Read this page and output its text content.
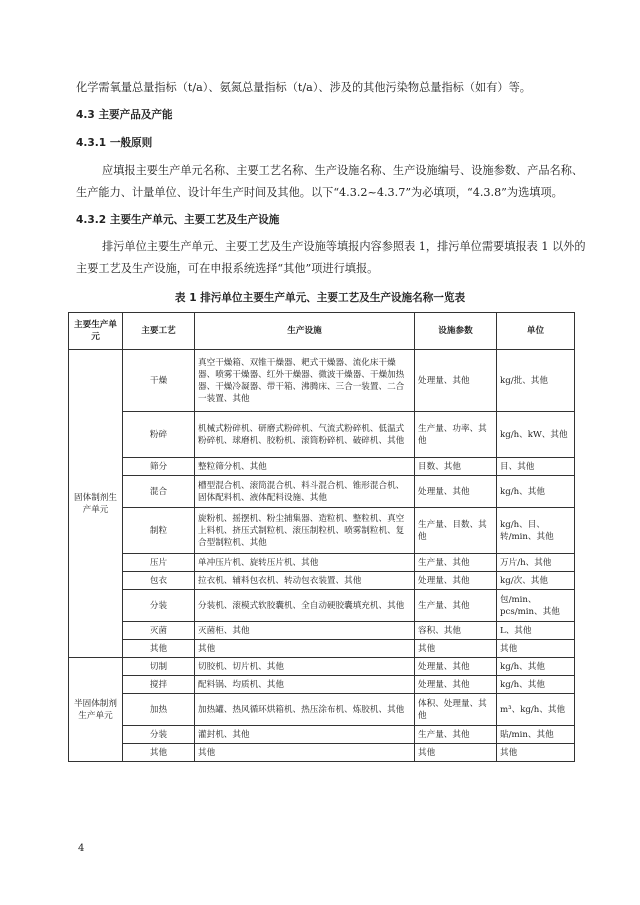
化学需氧量总量指标（t/a）、氨氮总量指标（t/a）、涉及的其他污染物总量指标（如有）等。
4.3 主要产品及产能
4.3.1 一般原则
应填报主要生产单元名称、主要工艺名称、生产设施名称、生产设施编号、设施参数、产品名称、
生产能力、计量单位、设计年生产时间及其他。以下“4.3.2~4.3.7”为必填项，“4.3.8”为选填项。
4.3.2 主要生产单元、主要工艺及生产设施
排污单位主要生产单元、主要工艺及生产设施等填报内容参照表 1，排污单位需要填报表 1 以外的
主要工艺及生产设施，可在申报系统选择“其他”项进行填报。
表 1 排污单位主要生产单元、主要工艺及生产设施名称一览表
主要生产单元	主要工艺	生产设施	设施参数	单位
固体制剂生产单元	干燥	真空干燥箱、双锥干燥器、耙式干燥器、流化床干燥器、喷雾干燥器、红外干燥器、微波干燥器、干燥加热器、干燥冷凝器、带干箱、沸腾床、三合一装置、二合一装置、其他	处理量、其他	kg/批、其他
	粉碎	机械式粉碎机、研磨式粉碎机、气流式粉碎机、低温式粉碎机、球磨机、胶粉机、滚筒粉碎机、破碎机、其他	生产量、功率、其他	kg/h、kW、其他
	筛分	整粒筛分机、其他	目数、其他	目、其他
	混合	槽型混合机、滚筒混合机、料斗混合机、锥形混合机、固体配料机、液体配料设施、其他	处理量、其他	kg/h、其他
	制粒	旋粉机、摇摆机、粉尘捕集器、造粒机、整粒机、真空上料机、挤压式制粒机、滚压制粒机、喷雾制粒机、复合型制粒机、其他	生产量、目数、其他	kg/h、目、转/min、其他
	压片	单冲压片机、旋转压片机、其他	生产量、其他	万片/h、其他
	包衣	拉衣机、辅料包衣机、转动包衣装置、其他	处理量、其他	kg/次、其他
	分装	分装机、滚模式软胶囊机、全自动硬胶囊填充机、其他	生产量、其他	包/min、pcs/min、其他
	灭菌	灭菌柜、其他	容积、其他	L、其他
	其他	其他	其他	其他
半固体制剂生产单元	切制	切胶机、切片机、其他	处理量、其他	kg/h、其他
	搅拌	配料锅、均质机、其他	处理量、其他	kg/h、其他
	加热	加热罐、热风循环烘箱机、热压涂布机、炼胶机、其他	体积、处理量、其他	m³、kg/h、其他
	分装	灌封机、其他	生产量、其他	貼/min、其他
	其他	其他	其他	其他
4
